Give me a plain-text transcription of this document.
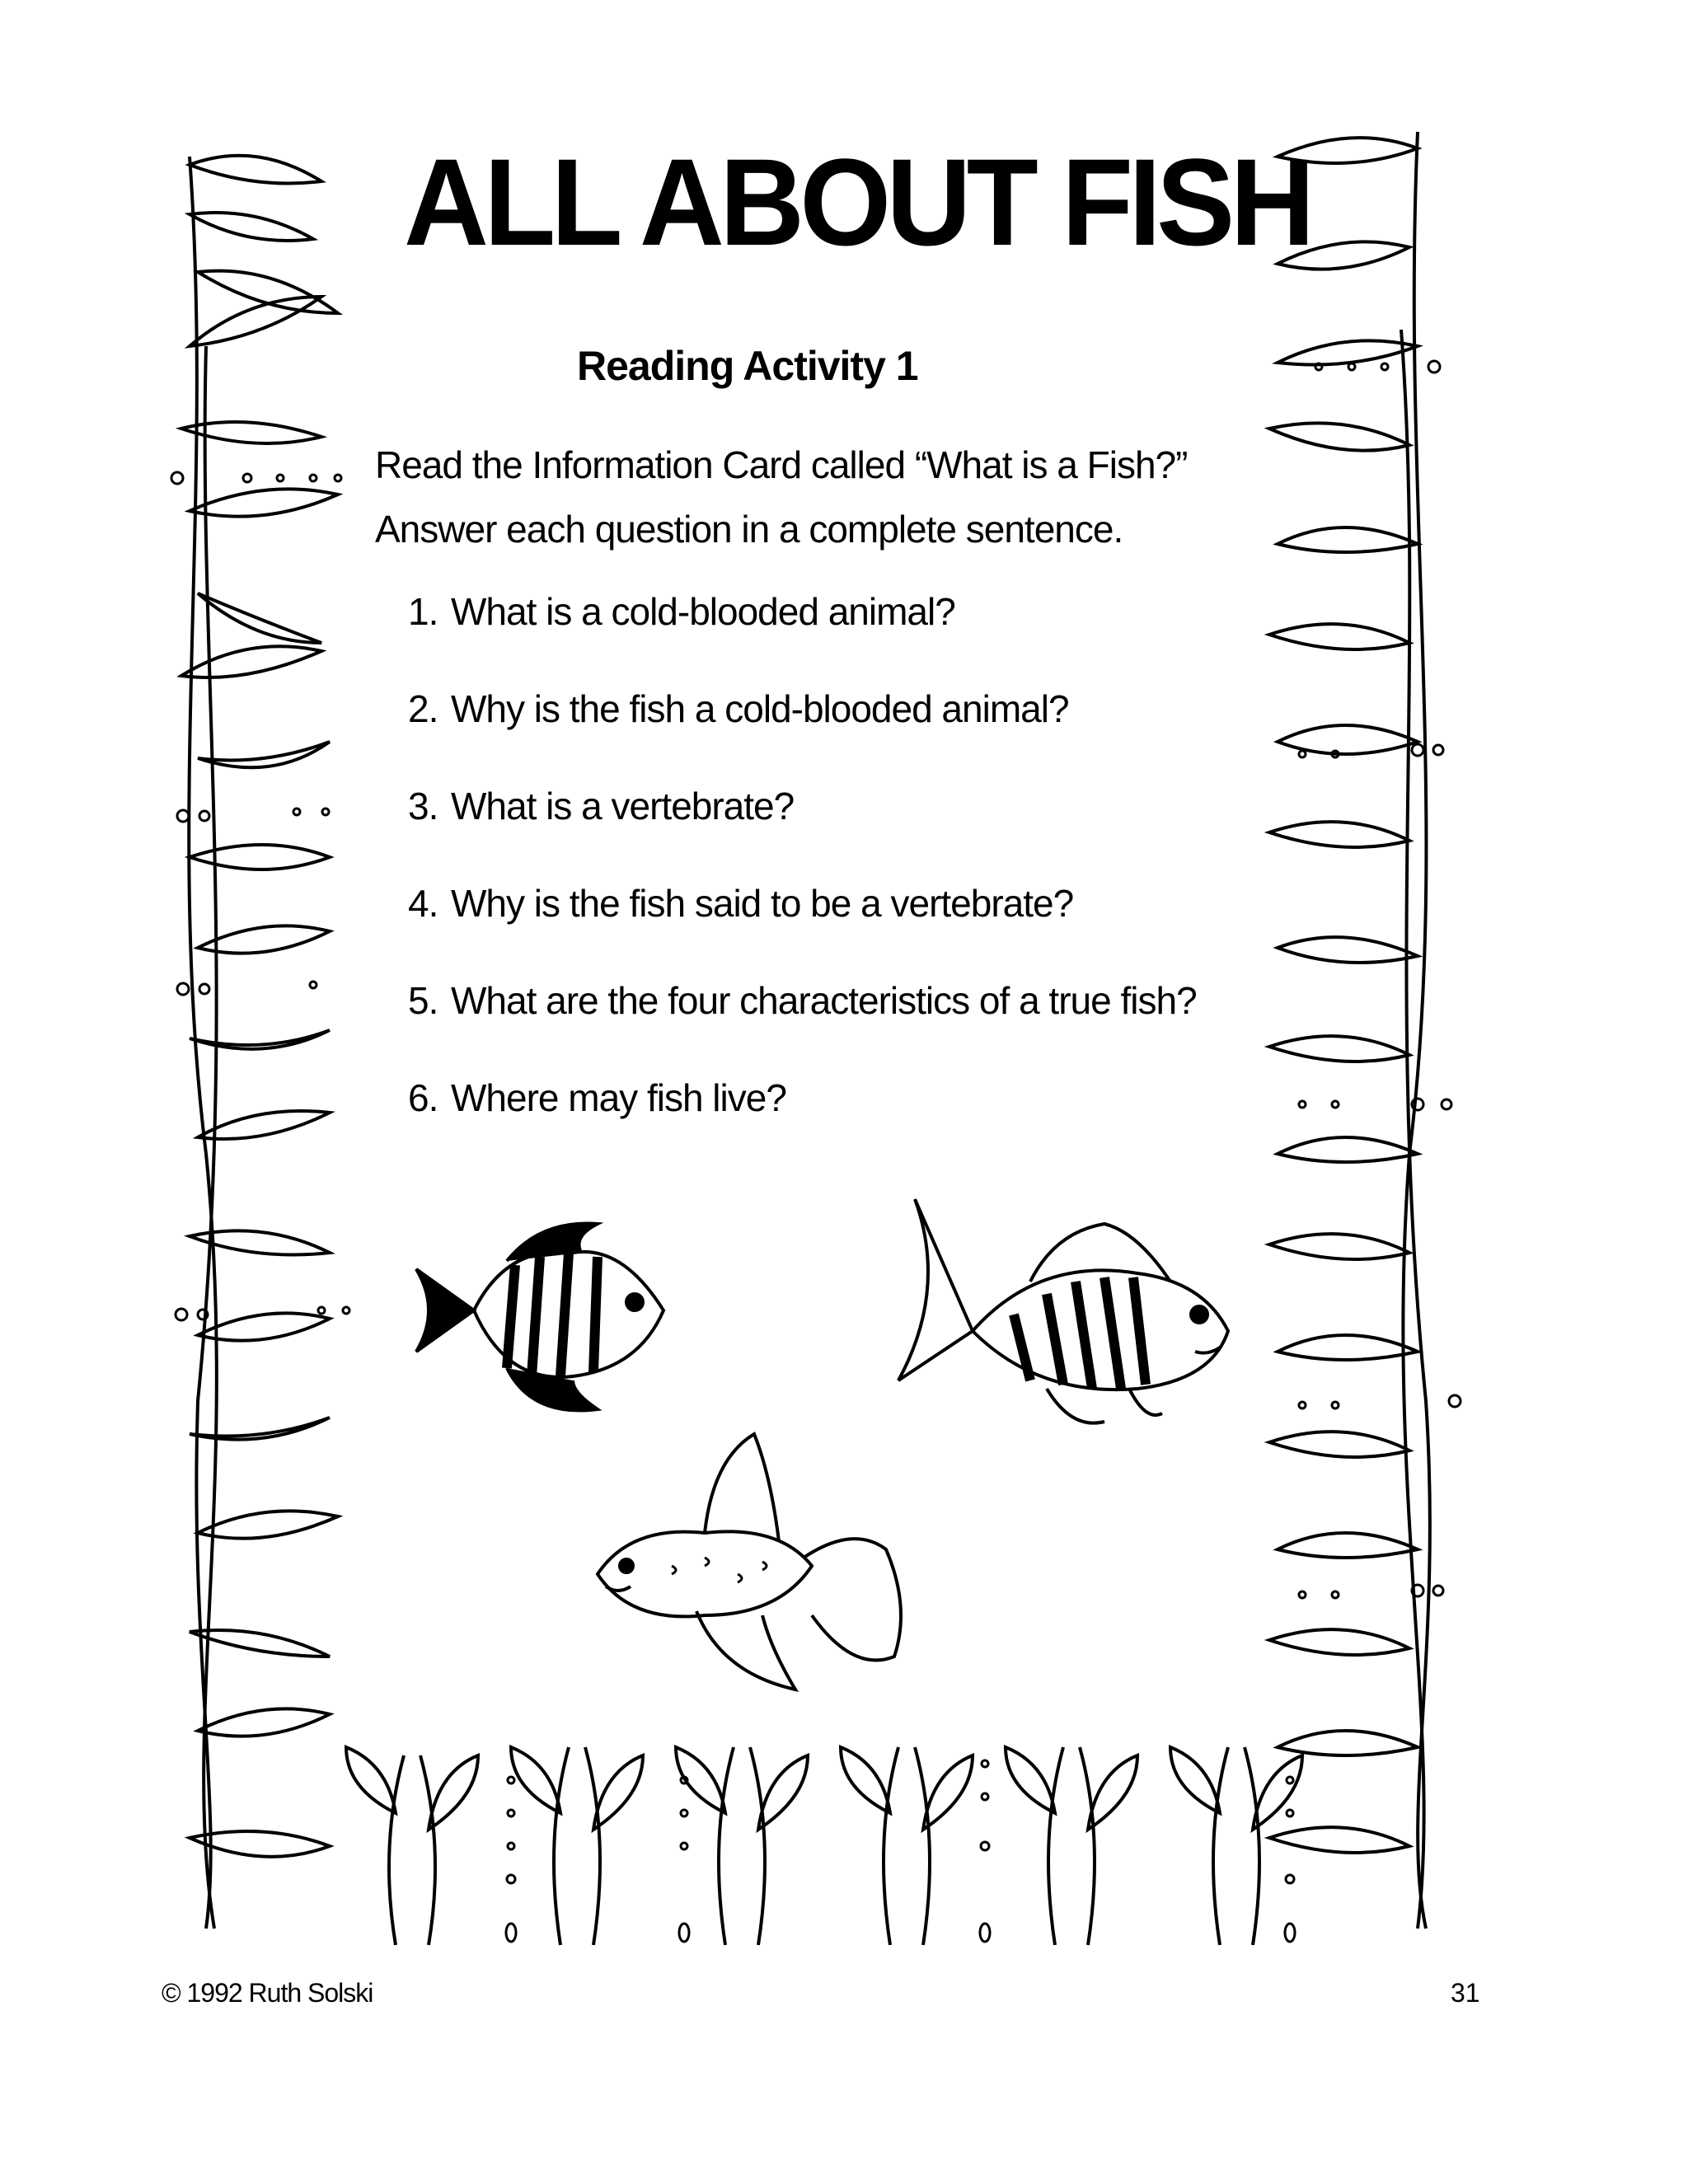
ALL ABOUT FISH
Reading Activity 1
Read the Information Card called “What is a Fish?”
Answer each question in a complete sentence.
1. What is a cold-blooded animal?
2. Why is the fish a cold-blooded animal?
3. What is a vertebrate?
4. Why is the fish said to be a vertebrate?
5. What are the four characteristics of a true fish?
6. Where may fish live?
© 1992 Ruth Solski	31
